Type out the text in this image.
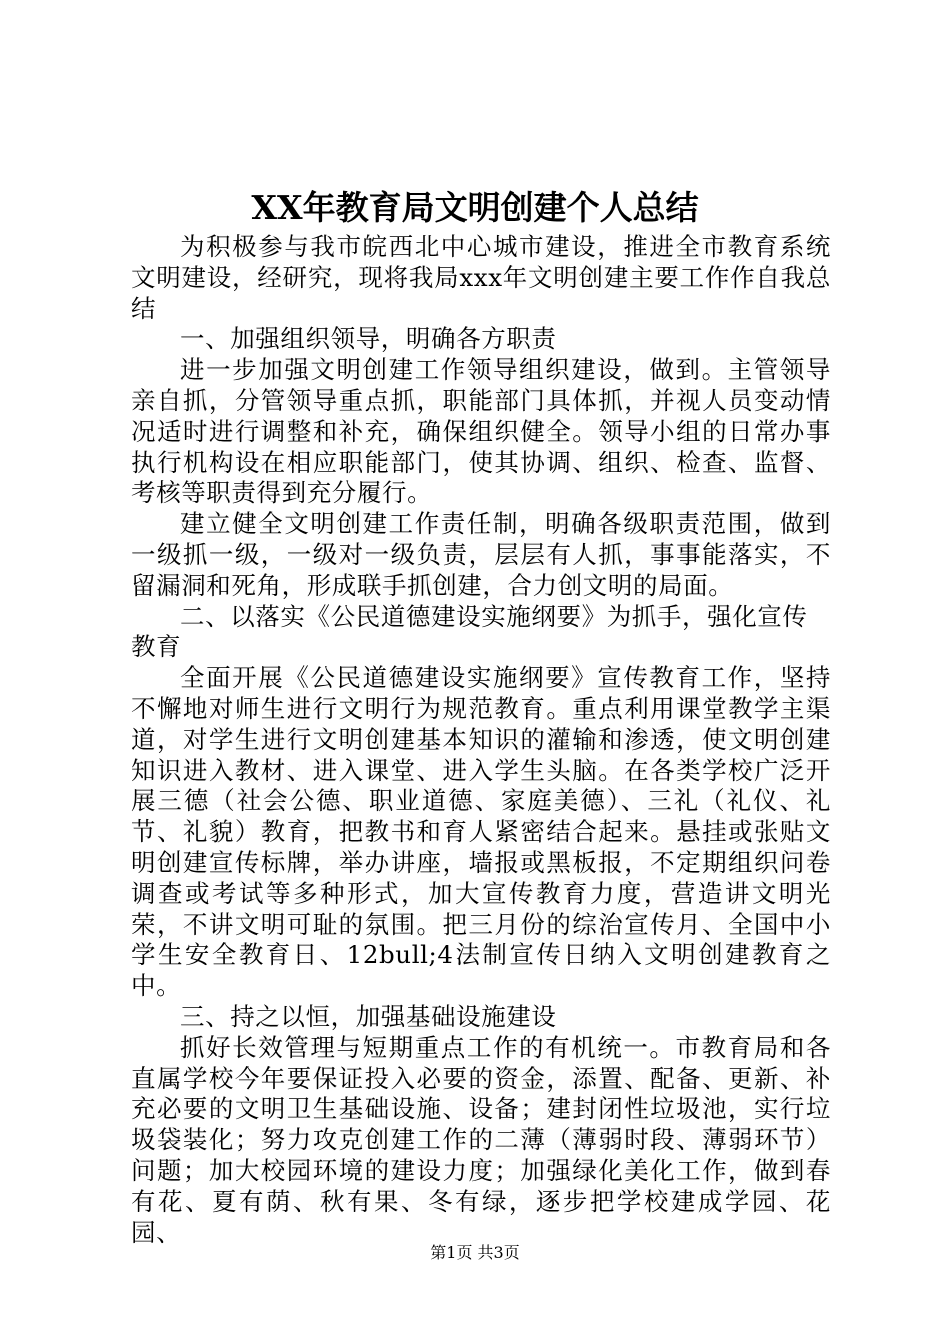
XX年教育局文明创建个人总结

为积极参与我市皖西北中心城市建设，推进全市教育系统文明建设，经研究，现将我局xxx年文明创建主要工作作自我总结

一、加强组织领导，明确各方职责

进一步加强文明创建工作领导组织建设，做到。主管领导亲自抓，分管领导重点抓，职能部门具体抓，并视人员变动情况适时进行调整和补充，确保组织健全。领导小组的日常办事执行机构设在相应职能部门，使其协调、组织、检查、监督、考核等职责得到充分履行。

建立健全文明创建工作责任制，明确各级职责范围，做到一级抓一级，一级对一级负责，层层有人抓，事事能落实，不留漏洞和死角，形成联手抓创建，合力创文明的局面。

二、以落实《公民道德建设实施纲要》为抓手，强化宣传教育

全面开展《公民道德建设实施纲要》宣传教育工作，坚持不懈地对师生进行文明行为规范教育。重点利用课堂教学主渠道，对学生进行文明创建基本知识的灌输和渗透，使文明创建知识进入教材、进入课堂、进入学生头脑。在各类学校广泛开展三德（社会公德、职业道德、家庭美德）、三礼（礼仪、礼节、礼貌）教育，把教书和育人紧密结合起来。悬挂或张贴文明创建宣传标牌，举办讲座，墙报或黑板报，不定期组织问卷调查或考试等多种形式，加大宣传教育力度，营造讲文明光荣，不讲文明可耻的氛围。把三月份的综治宣传月、全国中小学生安全教育日、12bull;4法制宣传日纳入文明创建教育之中。

三、持之以恒，加强基础设施建设

抓好长效管理与短期重点工作的有机统一。市教育局和各直属学校今年要保证投入必要的资金，添置、配备、更新、补充必要的文明卫生基础设施、设备；建封闭性垃圾池，实行垃圾袋装化；努力攻克创建工作的二薄（薄弱时段、薄弱环节）问题；加大校园环境的建设力度；加强绿化美化工作，做到春有花、夏有荫、秋有果、冬有绿，逐步把学校建成学园、花园、

第1页 共3页
